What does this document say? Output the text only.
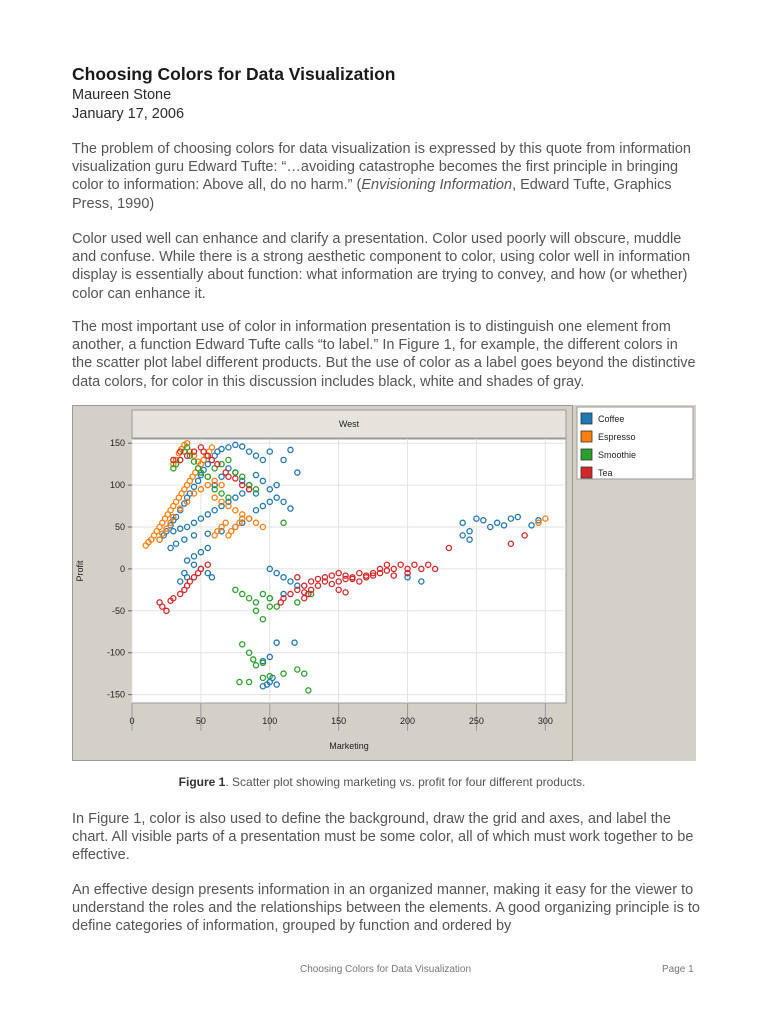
Choosing Colors for Data Visualization
Maureen Stone
January 17, 2006

The problem of choosing colors for data visualization is expressed by this quote from information visualization guru Edward Tufte: “…avoiding catastrophe becomes the first principle in bringing color to information: Above all, do no harm.” (Envisioning Information, Edward Tufte, Graphics Press, 1990)

Color used well can enhance and clarify a presentation. Color used poorly will obscure, muddle and confuse. While there is a strong aesthetic component to color, using color well in information display is essentially about function: what information are trying to convey, and how (or whether) color can enhance it.

The most important use of color in information presentation is to distinguish one element from another, a function Edward Tufte calls “to label.” In Figure 1, for example, the different colors in the scatter plot label different products. But the use of color as a label goes beyond the distinctive data colors, for color in this discussion includes black, white and shades of gray.

Figure 1. Scatter plot showing marketing vs. profit for four different products.

In Figure 1, color is also used to define the background, draw the grid and axes, and label the chart. All visible parts of a presentation must be some color, all of which must work together to be effective.

An effective design presents information in an organized manner, making it easy for the viewer to understand the roles and the relationships between the elements. A good organizing principle is to define categories of information, grouped by function and ordered by

Choosing Colors for Data Visualization	Page 1
West
150
100
50
0
-50
-100
-150
0	50	100	150	200	250	300
Profit
Marketing
Coffee
Espresso
Smoothie
Tea
